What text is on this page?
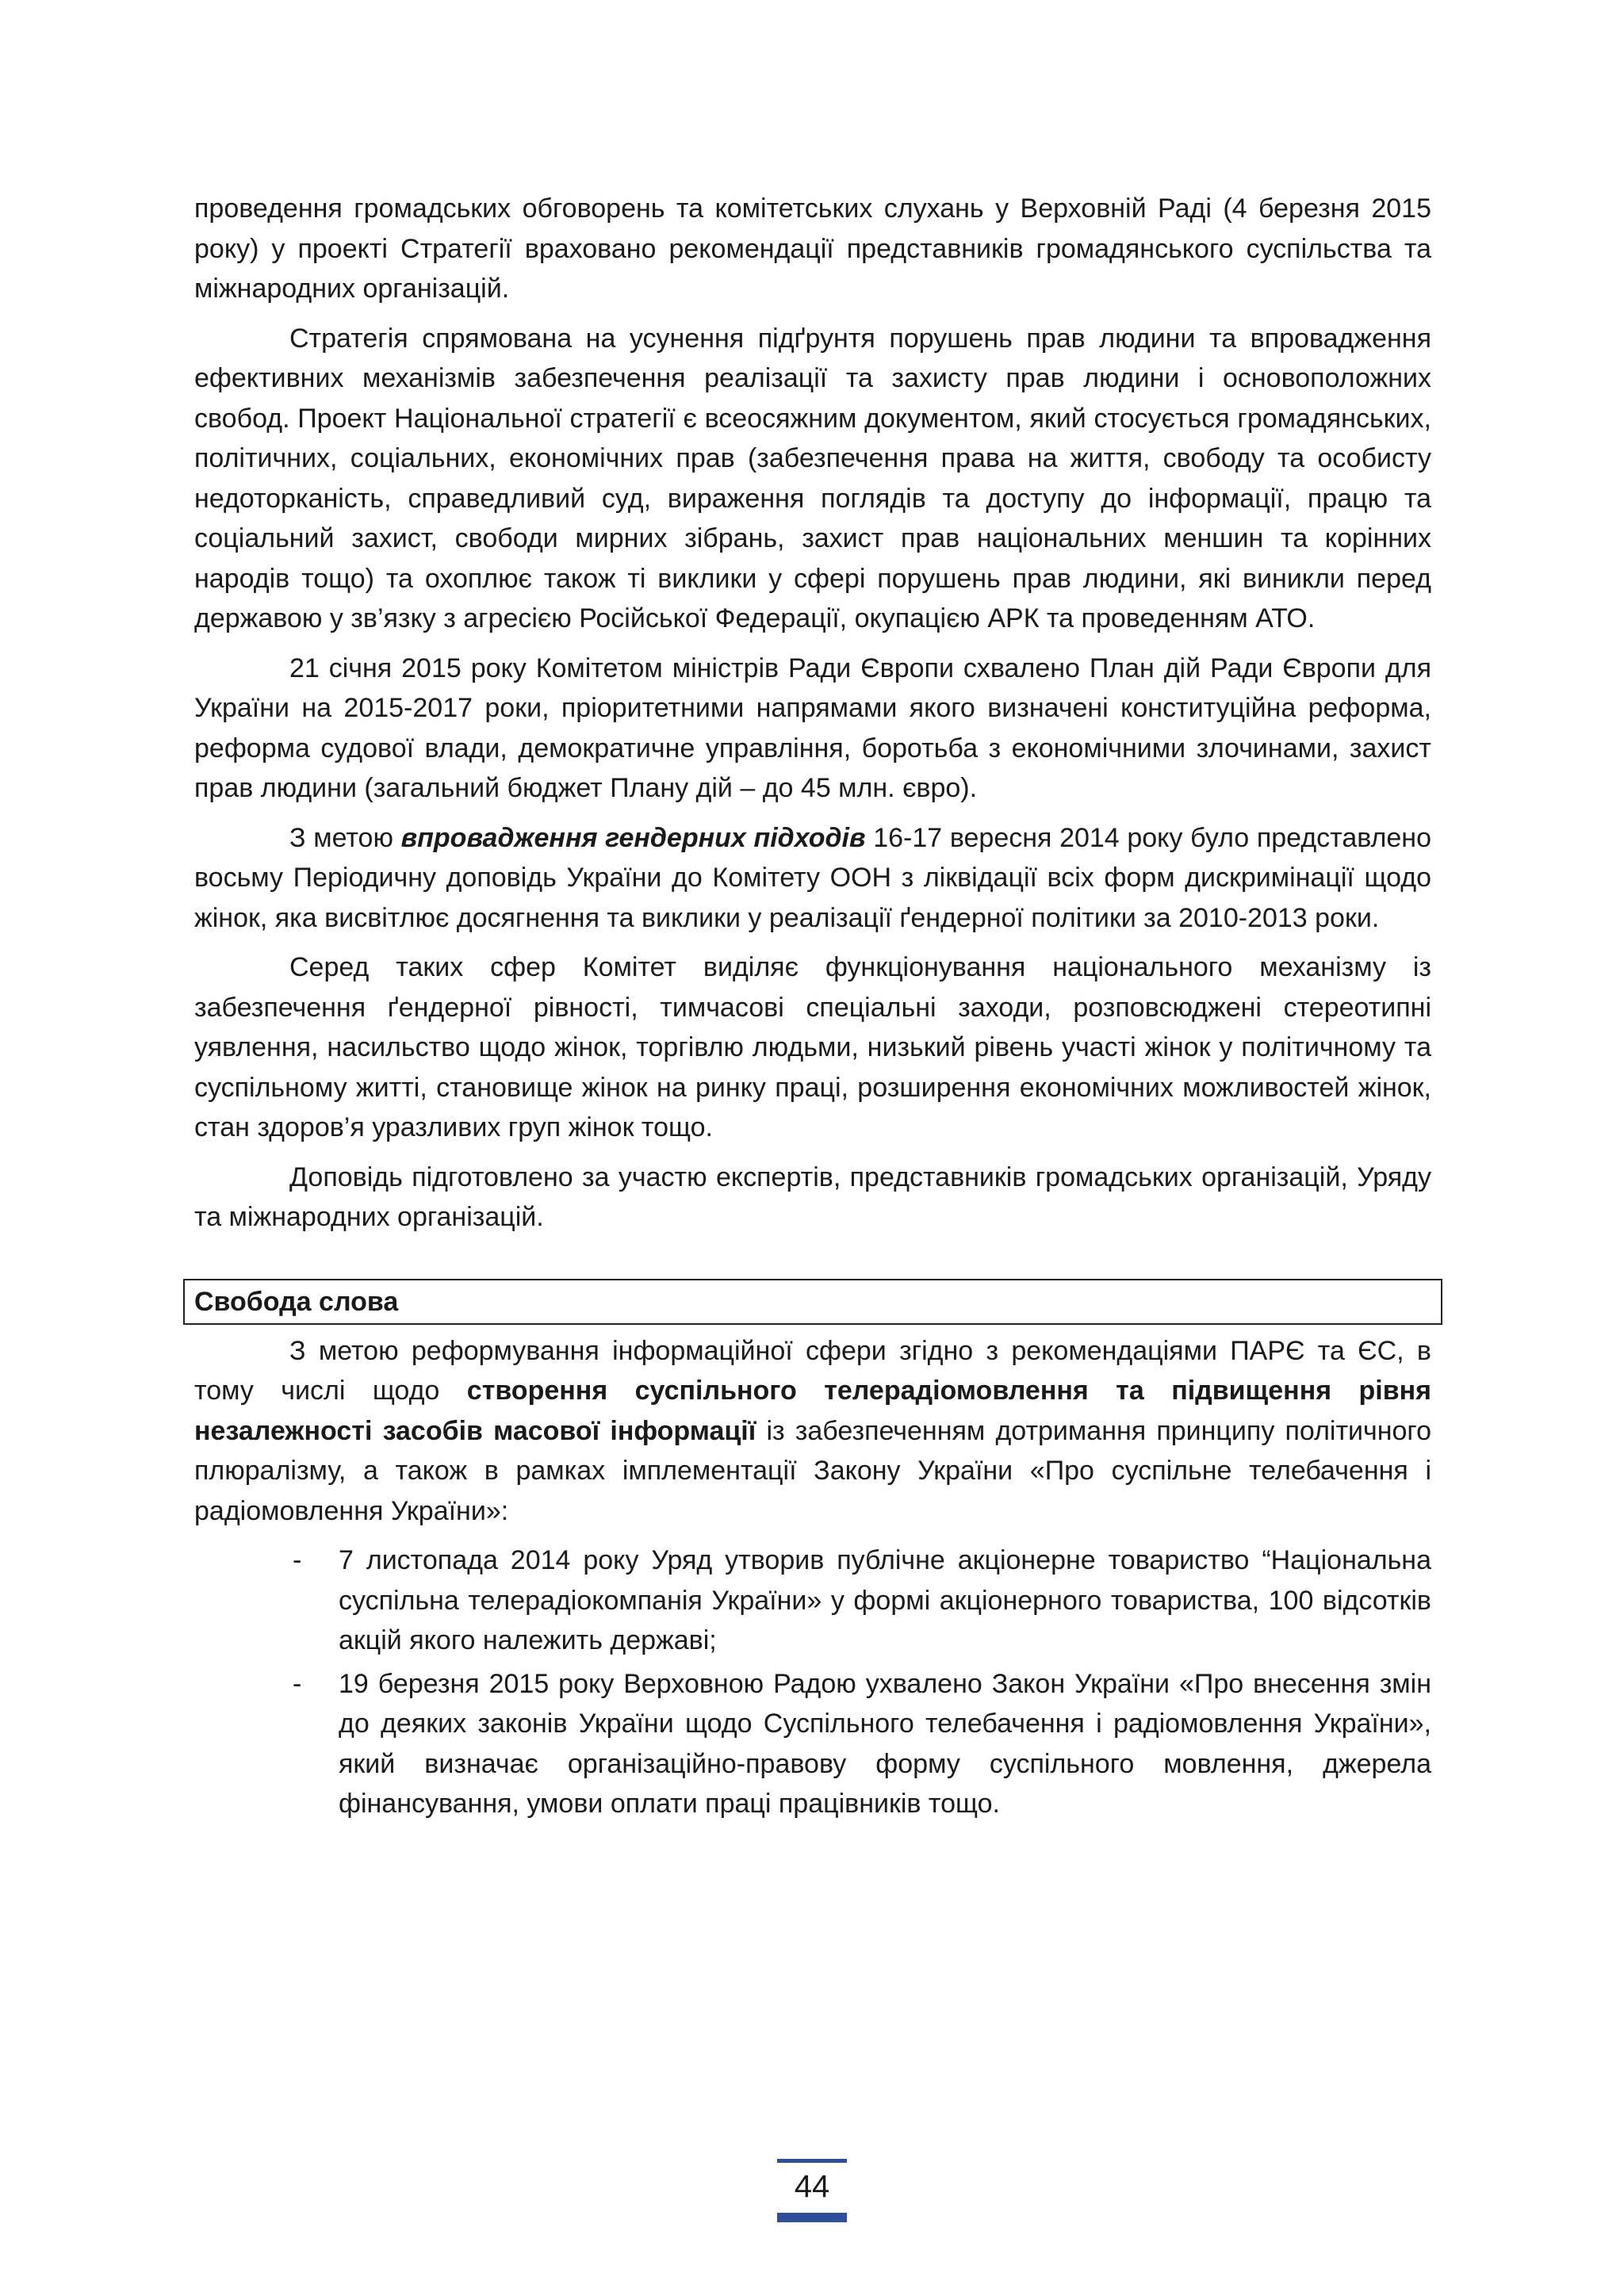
проведення громадських обговорень та комітетських слухань у Верховній Раді (4 березня 2015 року) у проекті Стратегії враховано рекомендації представників громадянського суспільства та міжнародних організацій.

Стратегія спрямована на усунення підґрунтя порушень прав людини та впровадження ефективних механізмів забезпечення реалізації та захисту прав людини і основоположних свобод. Проект Національної стратегії є всеосяжним документом, який стосується громадянських, політичних, соціальних, економічних прав (забезпечення права на життя, свободу та особисту недоторканість, справедливий суд, вираження поглядів та доступу до інформації, працю та соціальний захист, свободи мирних зібрань, захист прав національних меншин та корінних народів тощо) та охоплює також ті виклики у сфері порушень прав людини, які виникли перед державою у зв’язку з агресією Російської Федерації, окупацією АРК та проведенням АТО.

21 січня 2015 року Комітетом міністрів Ради Європи схвалено План дій Ради Європи для України на 2015-2017 роки, пріоритетними напрямами якого визначені конституційна реформа, реформа судової влади, демократичне управління, боротьба з економічними злочинами, захист прав людини (загальний бюджет Плану дій – до 45 млн. євро).

З метою впровадження гендерних підходів 16-17 вересня 2014 року було представлено восьму Періодичну доповідь України до Комітету ООН з ліквідації всіх форм дискримінації щодо жінок, яка висвітлює досягнення та виклики у реалізації ґендерної політики за 2010-2013 роки.

Серед таких сфер Комітет виділяє функціонування національного механізму із забезпечення ґендерної рівності, тимчасові спеціальні заходи, розповсюджені стереотипні уявлення, насильство щодо жінок, торгівлю людьми, низький рівень участі жінок у політичному та суспільному житті, становище жінок на ринку праці, розширення економічних можливостей жінок, стан здоров’я уразливих груп жінок тощо.

Доповідь підготовлено за участю експертів, представників громадських організацій, Уряду та міжнародних організацій.

Свобода слова

З метою реформування інформаційної сфери згідно з рекомендаціями ПАРЄ та ЄС, в тому числі щодо створення суспільного телерадіомовлення та підвищення рівня незалежності засобів масової інформації із забезпеченням дотримання принципу політичного плюралізму, а також в рамках імплементації Закону України «Про суспільне телебачення і радіомовлення України»:

- 7 листопада 2014 року Уряд утворив публічне акціонерне товариство “Національна суспільна телерадіокомпанія України» у формі акціонерного товариства, 100 відсотків акцій якого належить державі;
- 19 березня 2015 року Верховною Радою ухвалено Закон України «Про внесення змін до деяких законів України щодо Суспільного телебачення і радіомовлення України», який визначає організаційно-правову форму суспільного мовлення, джерела фінансування, умови оплати праці працівників тощо.
44
